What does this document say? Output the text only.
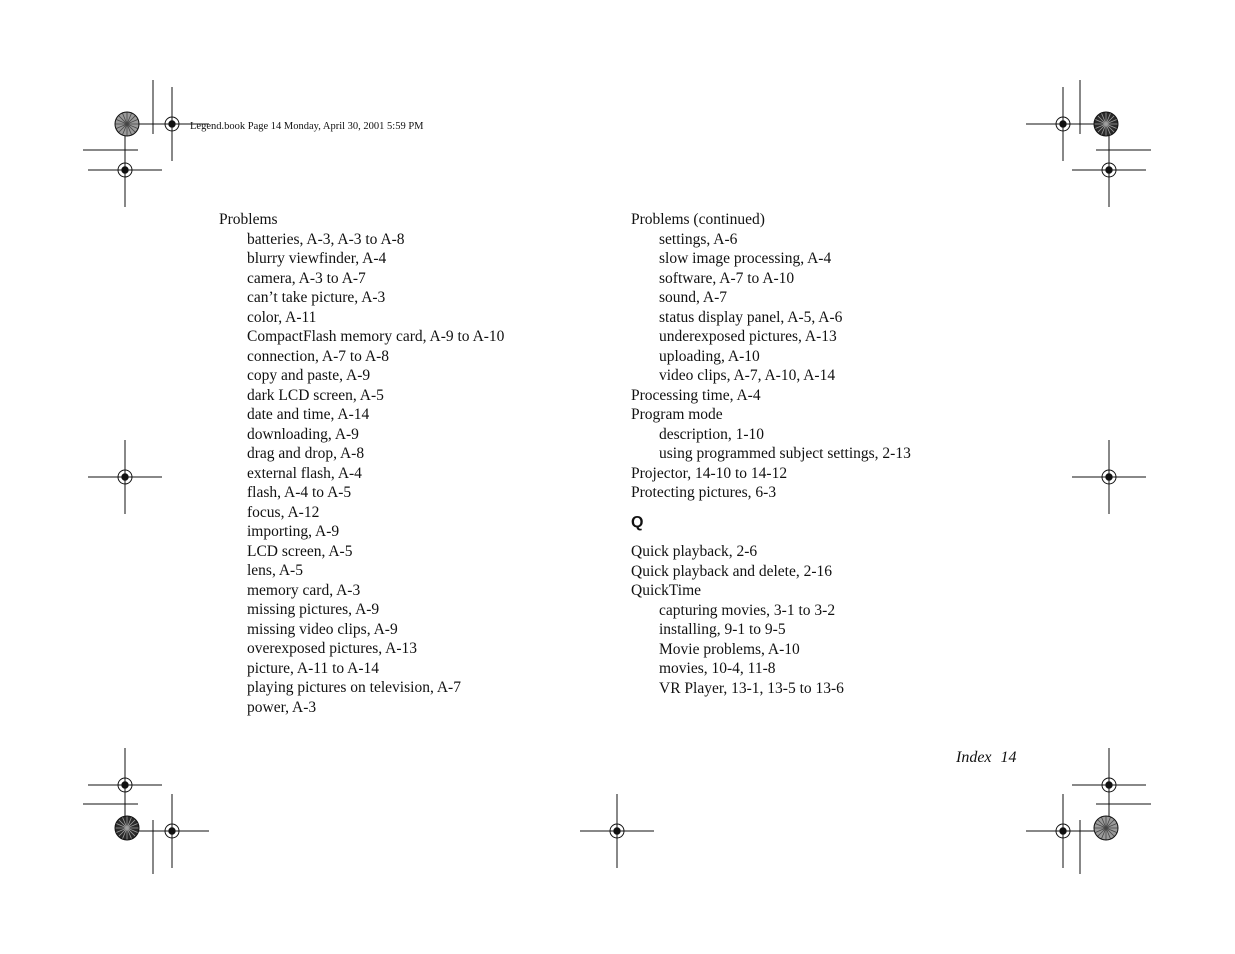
Legend.book Page 14 Monday, April 30, 2001 5:59 PM
Problems
batteries, A-3, A-3 to A-8
blurry viewfinder, A-4
camera, A-3 to A-7
can’t take picture, A-3
color, A-11
CompactFlash memory card, A-9 to A-10
connection, A-7 to A-8
copy and paste, A-9
dark LCD screen, A-5
date and time, A-14
downloading, A-9
drag and drop, A-8
external flash, A-4
flash, A-4 to A-5
focus, A-12
importing, A-9
LCD screen, A-5
lens, A-5
memory card, A-3
missing pictures, A-9
missing video clips, A-9
overexposed pictures, A-13
picture, A-11 to A-14
playing pictures on television, A-7
power, A-3
Problems (continued)
settings, A-6
slow image processing, A-4
software, A-7 to A-10
sound, A-7
status display panel, A-5, A-6
underexposed pictures, A-13
uploading, A-10
video clips, A-7, A-10, A-14
Processing time, A-4
Program mode
description, 1-10
using programmed subject settings, 2-13
Projector, 14-10 to 14-12
Protecting pictures, 6-3
Q
Quick playback, 2-6
Quick playback and delete, 2-16
QuickTime
capturing movies, 3-1 to 3-2
installing, 9-1 to 9-5
Movie problems, A-10
movies, 10-4, 11-8
VR Player, 13-1, 13-5 to 13-6
Index 14
